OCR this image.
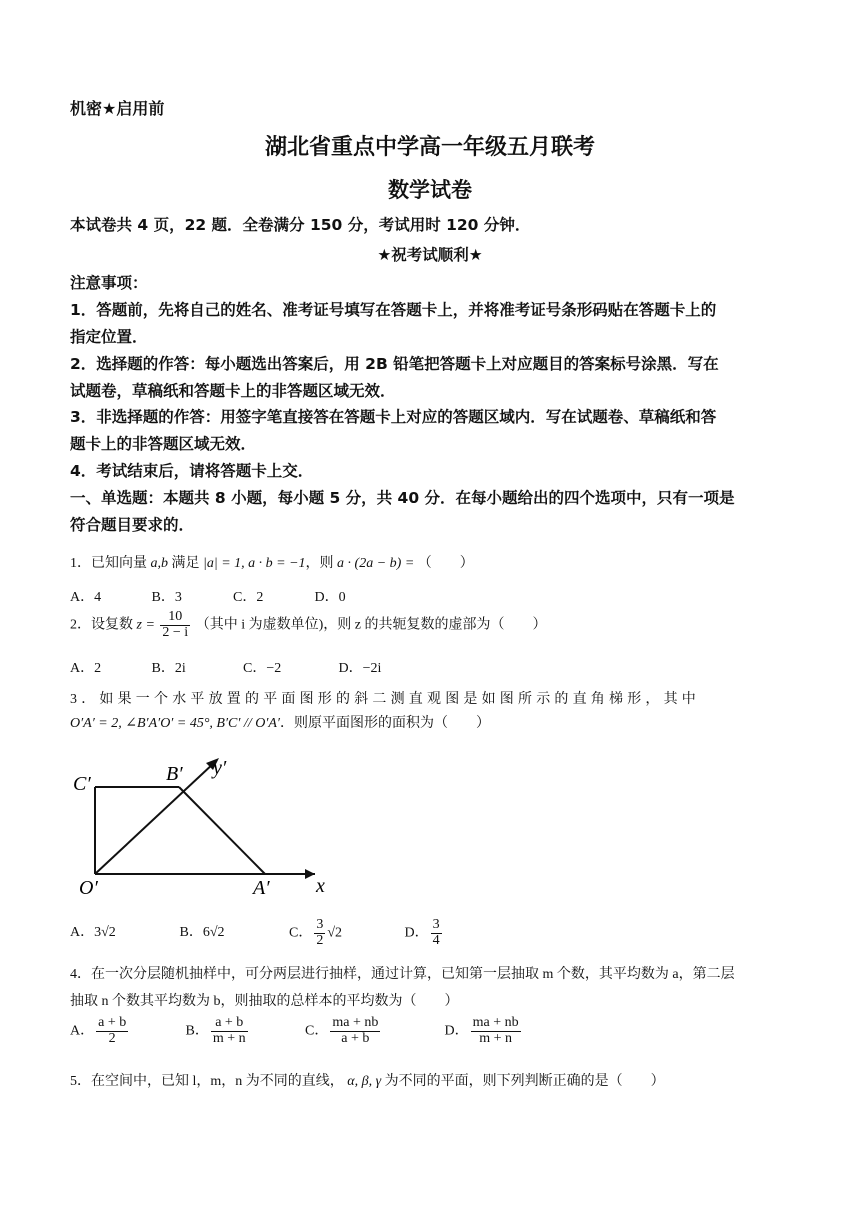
机密★启用前
湖北省重点中学高一年级五月联考
数学试卷
本试卷共 4 页，22 题．全卷满分 150 分，考试用时 120 分钟．
★祝考试顺利★
注意事项：
1．答题前，先将自己的姓名、准考证号填写在答题卡上，并将准考证号条形码贴在答题卡上的
指定位置．
2．选择题的作答：每小题选出答案后，用 2B 铅笔把答题卡上对应题目的答案标号涂黑．写在
试题卷，草稿纸和答题卡上的非答题区域无效．
3．非选择题的作答：用签字笔直接答在答题卡上对应的答题区域内．写在试题卷、草稿纸和答
题卡上的非答题区域无效．
4．考试结束后，请将答题卡上交．
一、单选题：本题共 8 小题，每小题 5 分，共 40 分．在每小题给出的四个选项中，只有一项是
符合题目要求的．
1．已知向量 a,b 满足 |a| = 1, a · b = −1，则 a · (2a − b) = （　　）
A．4	B．3	C．2	D．0
2．设复数 $z = \frac{10}{2 - i}$ （其中 i 为虚数单位)，则 z 的共轭复数的虚部为（　　）
A．2	B．2i	C．−2	D．−2i
3．如果一个水平放置的平面图形的斜二测直观图是如图所示的直角梯形，其中
O′A′ = 2, ∠B′A′O′ = 45°, B′C′ // O′A′．则原平面图形的面积为（　　）
C′	B′
O′	A′ x
y′
A．3√2	B．6√2	C． $\frac{3}{2} √2$	D． $\frac{3}{4}$
4．在一次分层随机抽样中，可分两层进行抽样，通过计算，已知第一层抽取 m 个数，其平均数为 a，第二层
抽取 n 个数其平均数为 b，则抽取的总样本的平均数为（　　）
A． $\frac{a + b}{2}$	B． $\frac{a + b}{m + n}$	C． $\frac{ma + nb}{a + b}$	D． $\frac{ma + nb}{m + n}$
5．在空间中，已知 l，m，n 为不同的直线， α, β, γ 为不同的平面，则下列判断正确的是（　　）
